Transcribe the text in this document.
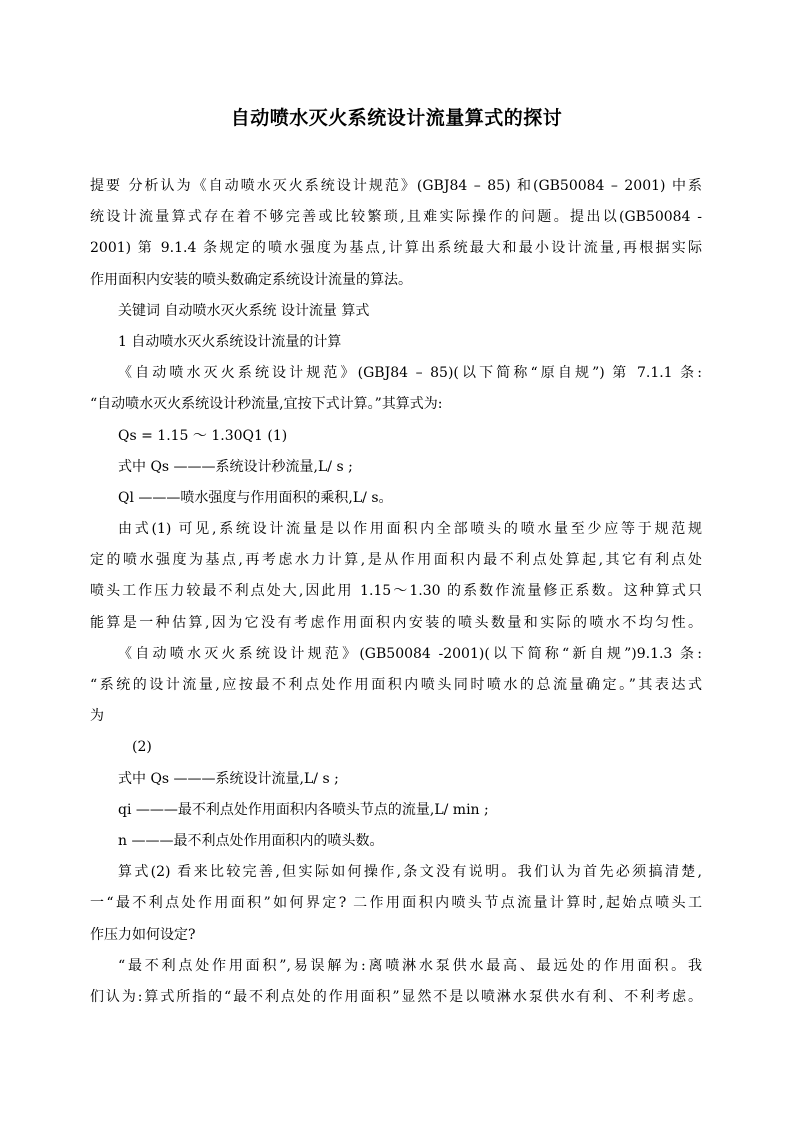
自动喷水灭火系统设计流量算式的探讨
提要 分析认为《自动喷水灭火系统设计规范》(GBJ84 – 85) 和(GB50084 – 2001) 中系
统设计流量算式存在着不够完善或比较繁琐,且难实际操作的问题。提出以(GB50084 -
2001) 第 9.1.4 条规定的喷水强度为基点,计算出系统最大和最小设计流量,再根据实际
作用面积内安装的喷头数确定系统设计流量的算法。
关键词 自动喷水灭火系统 设计流量 算式
1 自动喷水灭火系统设计流量的计算
《自动喷水灭火系统设计规范》(GBJ84 – 85)(以下简称“原自规”) 第 7.1.1 条:
“自动喷水灭火系统设计秒流量,宜按下式计算。”其算式为:
Qs = 1.15 ～ 1.30Q1 (1)
式中 Qs ———系统设计秒流量,L/ s ;
Ql ———喷水强度与作用面积的乘积,L/ s。
由式(1) 可见,系统设计流量是以作用面积内全部喷头的喷水量至少应等于规范规
定的喷水强度为基点,再考虑水力计算,是从作用面积内最不利点处算起,其它有利点处
喷头工作压力较最不利点处大,因此用 1.15～1.30 的系数作流量修正系数。这种算式只
能算是一种估算,因为它没有考虑作用面积内安装的喷头数量和实际的喷水不均匀性。
《自动喷水灭火系统设计规范》(GB50084 -2001)(以下简称“新自规”)9.1.3 条:
“系统的设计流量,应按最不利点处作用面积内喷头同时喷水的总流量确定。”其表达式
为
(2)
式中 Qs ———系统设计流量,L/ s ;
qi ———最不利点处作用面积内各喷头节点的流量,L/ min ;
n ———最不利点处作用面积内的喷头数。
算式(2) 看来比较完善,但实际如何操作,条文没有说明。我们认为首先必须搞清楚,
一“最不利点处作用面积”如何界定? 二作用面积内喷头节点流量计算时,起始点喷头工
作压力如何设定?
“最不利点处作用面积”,易误解为:离喷淋水泵供水最高、最远处的作用面积。我
们认为:算式所指的“最不利点处的作用面积”显然不是以喷淋水泵供水有利、不利考虑。
